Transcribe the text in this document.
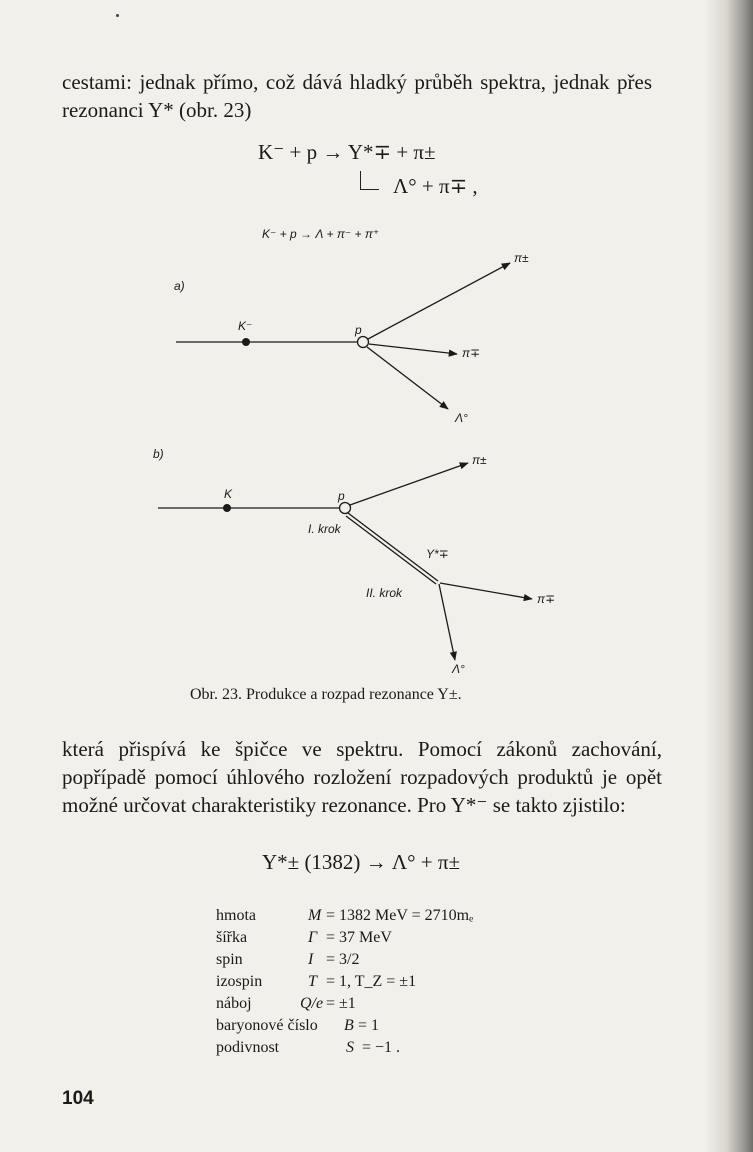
cestami: jednak přímo, což dává hladký průběh spektra, jednak přes rezonanci Y* (obr. 23)
K⁻ + p → Y*∓ + π±
Λ° + π∓ ,
K⁻ + p → Λ + π⁻ + π⁺
a)
K⁻	p
π±
π∓
Λ°
b)
K	p
I. krok
π±
Y*∓
II. krok	π∓
Λ°
Obr. 23. Produkce a rozpad rezonance Y±.
která přispívá ke špičce ve spektru. Pomocí zákonů zachování, popřípadě pomocí úhlového rozložení rozpadových produktů je opět možné určovat charakteristiky rezonance. Pro Y*⁻ se takto zjistilo:
Y*± (1382) → Λ° + π±
hmota	M = 1382 MeV = 2710mₑ
šířka	Γ = 37 MeV
spin	I = 3/2
izospin	T = 1, T_Z = ±1
náboj	Q/e = ±1
baryonové číslo B = 1
podivnost	S = −1 .
104
